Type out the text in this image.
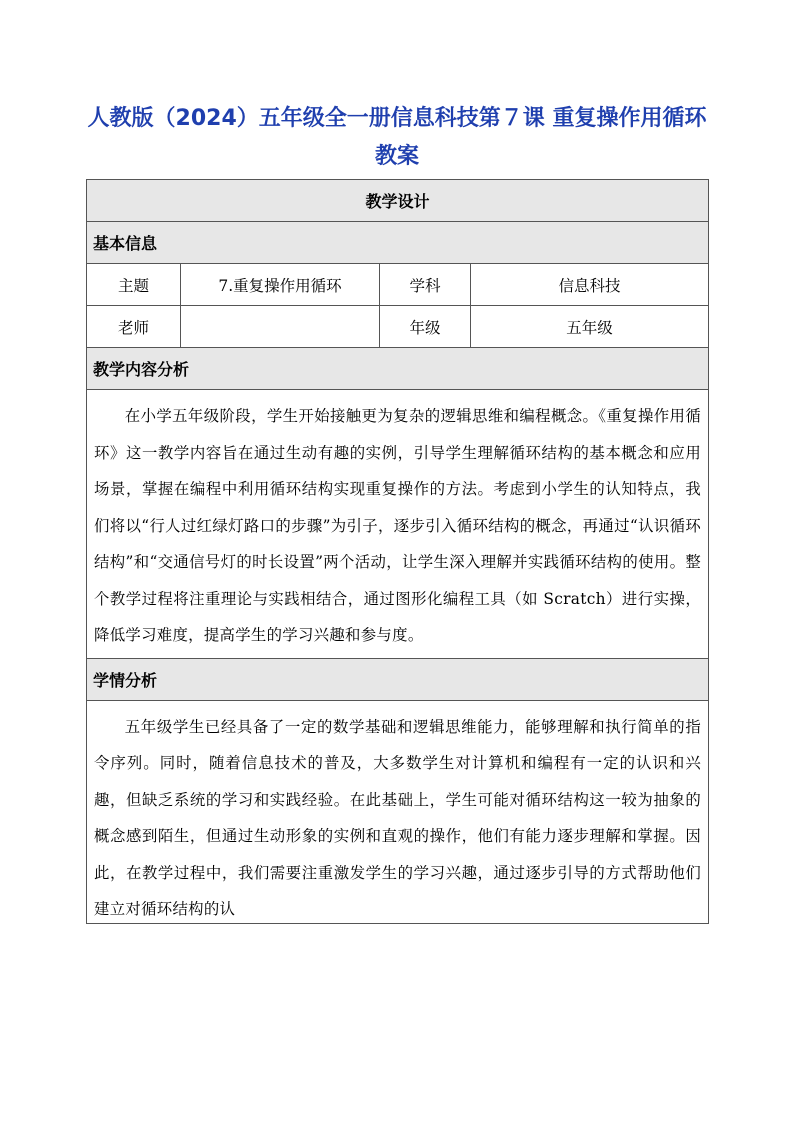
人教版（2024）五年级全一册信息科技第７课 重复操作用循环 教案
教学设计			
基本信息			
主题	7.重复操作用循环	学科	信息科技
老师		年级	五年级
教学内容分析			

在小学五年级阶段，学生开始接触更为复杂的逻辑思维和编程概念。《重复操作用循环》这一教学内容旨在通过生动有趣的实例，引导学生理解循环结构的基本概念和应用场景，掌握在编程中利用循环结构实现重复操作的方法。考虑到小学生的认知特点，我们将以“行人过红绿灯路口的步骤”为引子，逐步引入循环结构的概念，再通过“认识循环结构”和“交通信号灯的时长设置”两个活动，让学生深入理解并实践循环结构的使用。整个教学过程将注重理论与实践相结合，通过图形化编程工具（如 Scratch）进行实操，降低学习难度，提高学生的学习兴趣和参与度。			

学情分析			

五年级学生已经具备了一定的数学基础和逻辑思维能力，能够理解和执行简单的指令序列。同时，随着信息技术的普及，大多数学生对计算机和编程有一定的认识和兴趣，但缺乏系统的学习和实践经验。在此基础上，学生可能对循环结构这一较为抽象的概念感到陌生，但通过生动形象的实例和直观的操作，他们有能力逐步理解和掌握。因此，在教学过程中，我们需要注重激发学生的学习兴趣，通过逐步引导的方式帮助他们建立对循环结构的认			
